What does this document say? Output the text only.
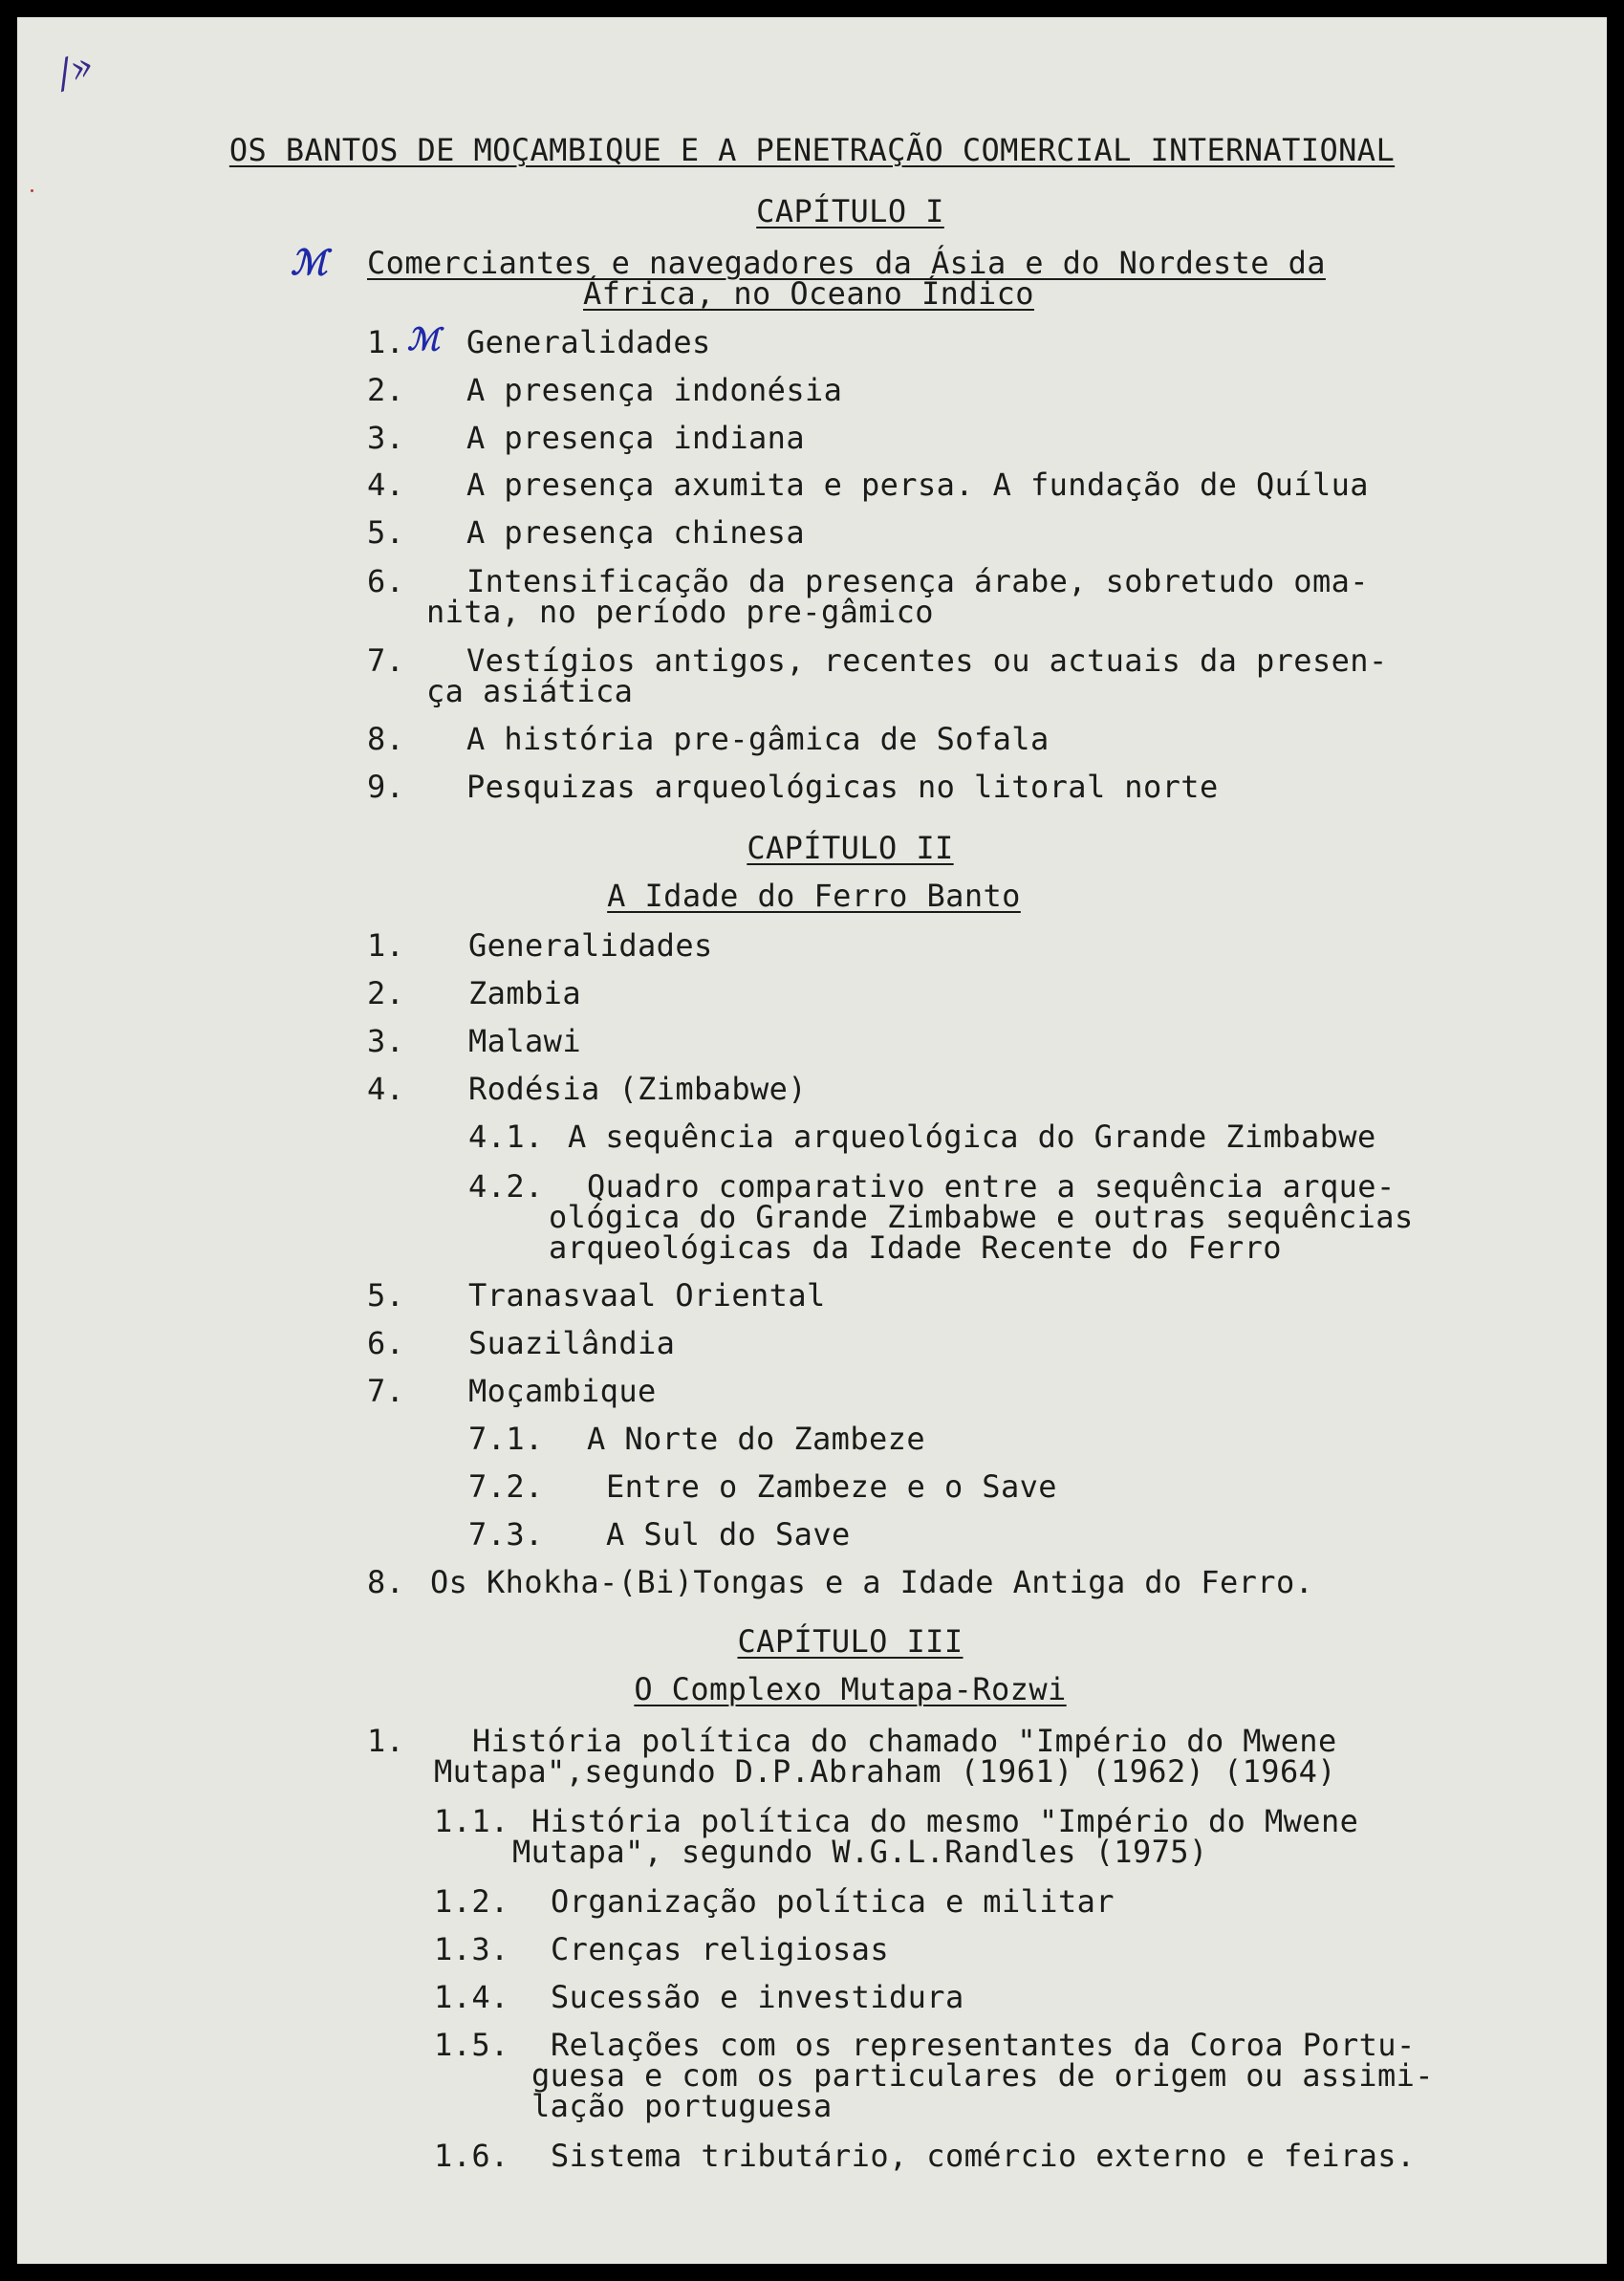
/»
OS BANTOS DE MOÇAMBIQUE E A PENETRAÇÃO COMERCIAL INTERNATIONAL
CAPÍTULO I
ℳ Comerciantes e navegadores da Ásia e do Nordeste da
África, no Oceano Índico
1. ℳ Generalidades
2. A presença indonésia
3. A presença indiana
4. A presença axumita e persa. A fundação de Quílua
5. A presença chinesa
6. Intensificação da presença árabe, sobretudo oma-
nita, no período pre-gâmico
7. Vestígios antigos, recentes ou actuais da presen-
ça asiática
8. A história pre-gâmica de Sofala
9. Pesquizas arqueológicas no litoral norte
CAPÍTULO II
A Idade do Ferro Banto
1. Generalidades
2. Zambia
3. Malawi
4. Rodésia (Zimbabwe)
4.1. A sequência arqueológica do Grande Zimbabwe
4.2. Quadro comparativo entre a sequência arque-
ológica do Grande Zimbabwe e outras sequências
arqueológicas da Idade Recente do Ferro
5. Tranasvaal Oriental
6. Suazilândia
7. Moçambique
7.1. A Norte do Zambeze
7.2. Entre o Zambeze e o Save
7.3. A Sul do Save
8. Os Khokha-(Bi)Tongas e a Idade Antiga do Ferro.
CAPÍTULO III
O Complexo Mutapa-Rozwi
1. História política do chamado "Império do Mwene
Mutapa",segundo D.P.Abraham (1961) (1962) (1964)
1.1. História política do mesmo "Império do Mwene
Mutapa", segundo W.G.L.Randles (1975)
1.2. Organização política e militar
1.3. Crenças religiosas
1.4. Sucessão e investidura
1.5. Relações com os representantes da Coroa Portu-
guesa e com os particulares de origem ou assimi-
lação portuguesa
1.6. Sistema tributário, comércio externo e feiras.
